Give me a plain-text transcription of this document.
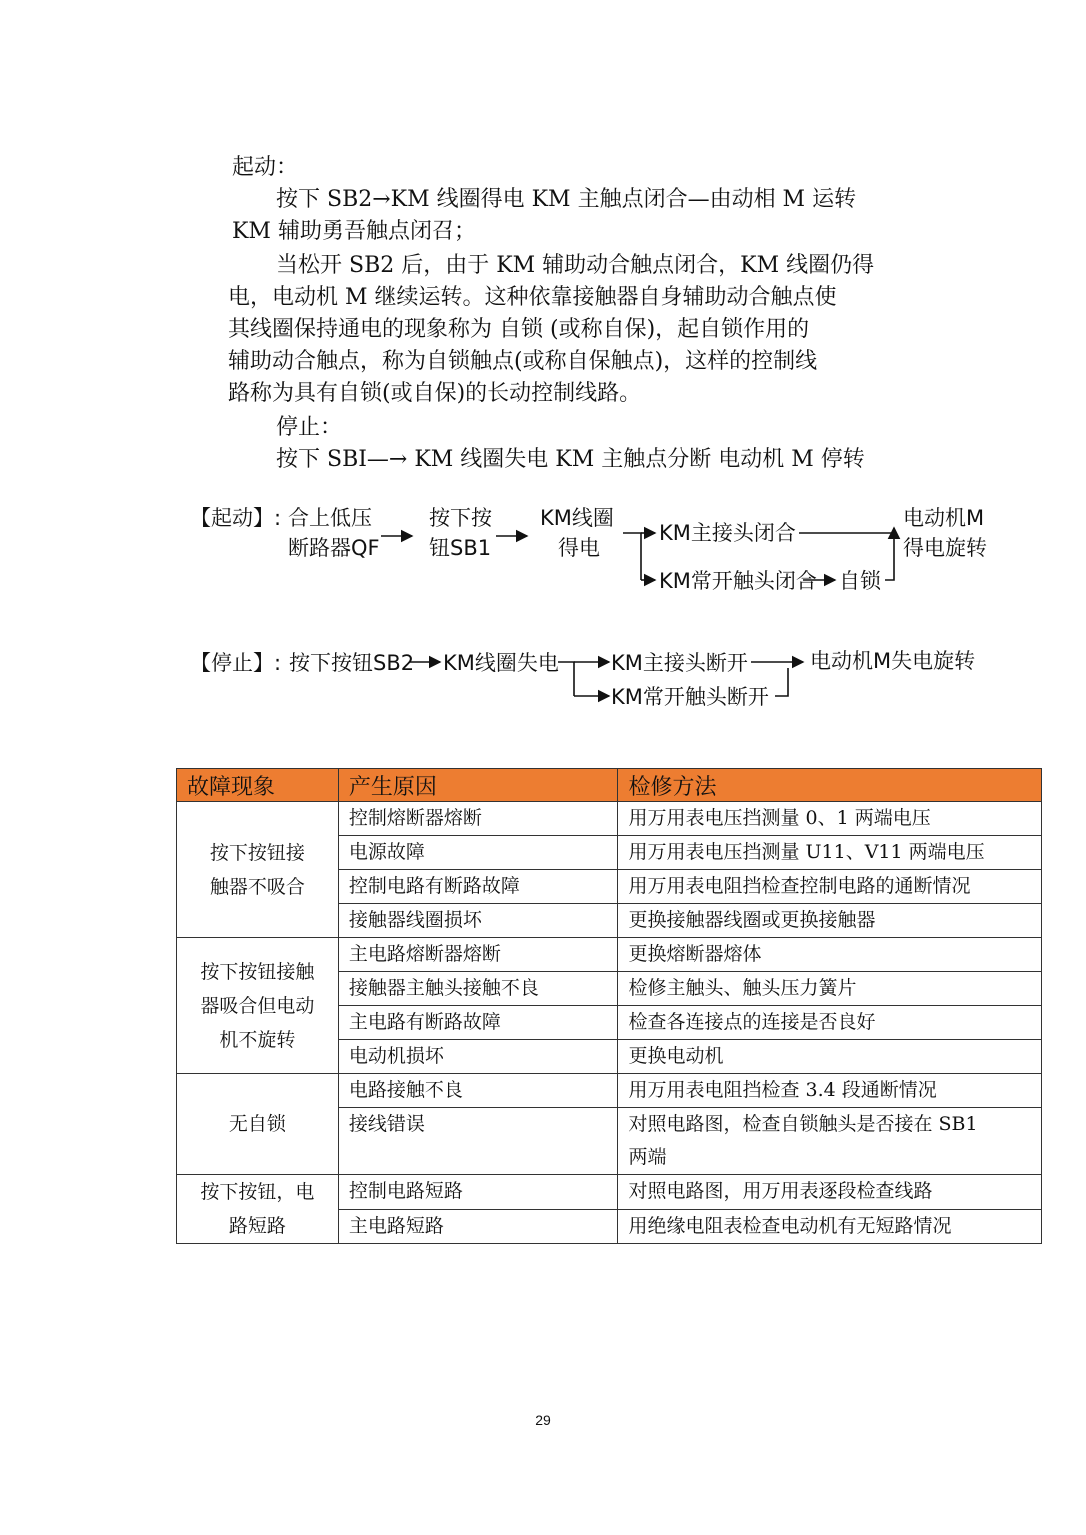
起动：

按下 SB2→KM 线圈得电 KM 主触点闭合—由动相 M 运转

KM 辅助勇吾触点闭召；

当松开 SB2 后，由于 KM 辅助动合触点闭合，KM 线圈仍得

电，电动机 M 继续运转。这种依靠接触器自身辅助动合触点使

其线圈保持通电的现象称为 自锁 (或称自保)，起自锁作用的

辅助动合触点，称为自锁触点(或称自保触点)，这样的控制线

路称为具有自锁(或自保)的长动控制线路。

停止：

按下 SBI—→ KM 线圈失电 KM 主触点分断 电动机 M 停转

【起动】: 合上低压
断路器QF
按下按
钮SB1
KM线圈
得电
KM主接头闭合
KM常开触头闭合 自锁
电动机M
得电旋转
【停止】: 按下按钮SB2 KM线圈失电 KM主接头断开
KM常开触头断开
电动机M失电旋转
故障现象	产生原因	检修方法

按下按钮接
触器不吸合	控制熔断器熔断	用万用表电压挡测量 0、1 两端电压
	电源故障	用万用表电压挡测量 U11、V11 两端电压
	控制电路有断路故障	用万用表电阻挡检查控制电路的通断情况
	接触器线圈损坏	更换接触器线圈或更换接触器

按下按钮接触
器吸合但电动
机不旋转	主电路熔断器熔断	更换熔断器熔体
	接触器主触头接触不良	检修主触头、触头压力簧片
	主电路有断路故障	检查各连接点的连接是否良好
	电动机损坏	更换电动机

无自锁	电路接触不良	用万用表电阻挡检查 3.4 段通断情况
	接线错误	对照电路图，检查自锁触头是否接在 SB1
两端

按下按钮，电
路短路	控制电路短路	对照电路图，用万用表逐段检查线路
	主电路短路	用绝缘电阻表检查电动机有无短路情况
29
